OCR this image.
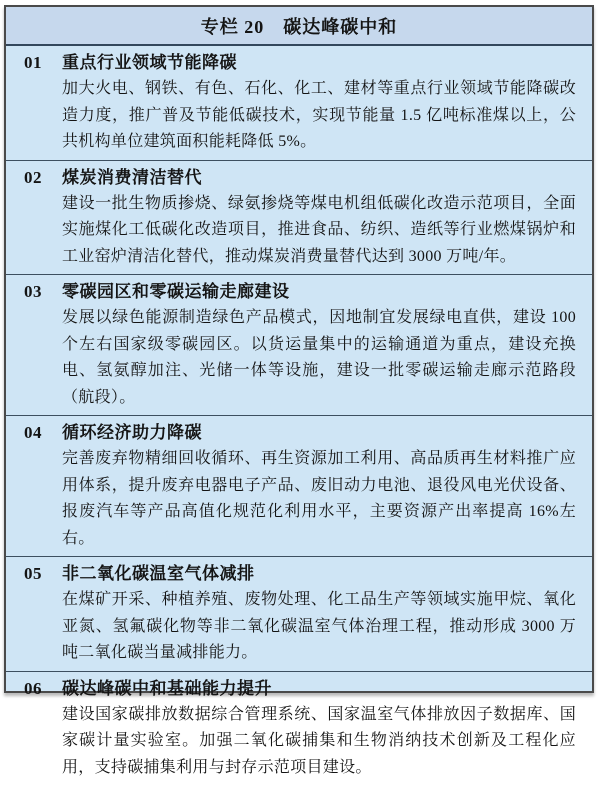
专栏 20　碳达峰碳中和
01	重点行业领域节能降碳

加大火电、钢铁、有色、石化、化工、建材等重点行业领域节能降碳改造力度，推广普及节能低碳技术，实现节能量 1.5 亿吨标准煤以上，公共机构单位建筑面积能耗降低 5%。

02	煤炭消费清洁替代

建设一批生物质掺烧、绿氨掺烧等煤电机组低碳化改造示范项目，全面实施煤化工低碳化改造项目，推进食品、纺织、造纸等行业燃煤锅炉和工业窑炉清洁化替代，推动煤炭消费量替代达到 3000 万吨/年。

03	零碳园区和零碳运输走廊建设

发展以绿色能源制造绿色产品模式，因地制宜发展绿电直供，建设 100 个左右国家级零碳园区。以货运量集中的运输通道为重点，建设充换电、氢氨醇加注、光储一体等设施，建设一批零碳运输走廊示范路段（航段）。

04	循环经济助力降碳

完善废弃物精细回收循环、再生资源加工利用、高品质再生材料推广应用体系，提升废弃电器电子产品、废旧动力电池、退役风电光伏设备、报废汽车等产品高值化规范化利用水平，主要资源产出率提高 16%左右。

05	非二氧化碳温室气体减排

在煤矿开采、种植养殖、废物处理、化工品生产等领域实施甲烷、氧化亚氮、氢氟碳化物等非二氧化碳温室气体治理工程，推动形成 3000 万吨二氧化碳当量减排能力。

06	碳达峰碳中和基础能力提升

建设国家碳排放数据综合管理系统、国家温室气体排放因子数据库、国家碳计量实验室。加强二氧化碳捕集和生物消纳技术创新及工程化应用，支持碳捕集利用与封存示范项目建设。
